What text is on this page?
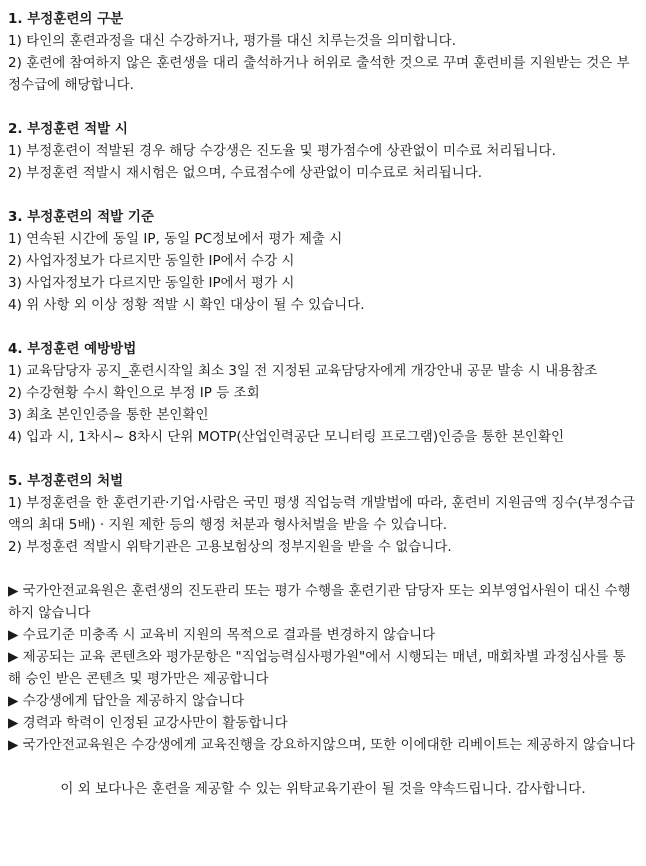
1. 부정훈련의 구분

1) 타인의 훈련과정을 대신 수강하거나, 평가를 대신 치루는것을 의미합니다.

2) 훈련에 참여하지 않은 훈련생을 대리 출석하거나 허위로 출석한 것으로 꾸며 훈련비를 지원받는 것은 부정수급에 해당합니다.

2. 부정훈련 적발 시

1) 부정훈련이 적발된 경우 해당 수강생은 진도율 및 평가점수에 상관없이 미수료 처리됩니다.

2) 부정훈련 적발시 재시험은 없으며, 수료점수에 상관없이 미수료로 처리됩니다.

3. 부정훈련의 적발 기준

1) 연속된 시간에 동일 IP, 동일 PC정보에서 평가 제출 시

2) 사업자정보가 다르지만 동일한 IP에서 수강 시

3) 사업자정보가 다르지만 동일한 IP에서 평가 시

4) 위 사항 외 이상 정황 적발 시 확인 대상이 될 수 있습니다.

4. 부정훈련 예방방법

1) 교육담당자 공지_훈련시작일 최소 3일 전 지정된 교육담당자에게 개강안내 공문 발송 시 내용참조

2) 수강현황 수시 확인으로 부정 IP 등 조회

3) 최초 본인인증을 통한 본인확인

4) 입과 시, 1차시~ 8차시 단위 MOTP(산업인력공단 모니터링 프로그램)인증을 통한 본인확인

5. 부정훈련의 처벌

1) 부정훈련을 한 훈련기관·기업·사람은 국민 평생 직업능력 개발법에 따라, 훈련비 지원금액 징수(부정수급액의 최대 5배) · 지원 제한 등의 행정 처분과 형사처벌을 받을 수 있습니다.

2) 부정훈련 적발시 위탁기관은 고용보험상의 정부지원을 받을 수 없습니다.

▶ 국가안전교육원은 훈련생의 진도관리 또는 평가 수행을 훈련기관 담당자 또는 외부영업사원이 대신 수행하지 않습니다

▶ 수료기준 미충족 시 교육비 지원의 목적으로 결과를 변경하지 않습니다

▶ 제공되는 교육 콘텐츠와 평가문항은 "직업능력심사평가원"에서 시행되는 매년, 매회차별 과정심사를 통해 승인 받은 콘텐츠 및 평가만은 제공합니다

▶ 수강생에게 답안을 제공하지 않습니다

▶ 경력과 학력이 인정된 교강사만이 활동합니다

▶ 국가안전교육원은 수강생에게 교육진행을 강요하지않으며, 또한 이에대한 리베이트는 제공하지 않습니다

이 외 보다나은 훈련을 제공할 수 있는 위탁교육기관이 될 것을 약속드립니다. 감사합니다.
